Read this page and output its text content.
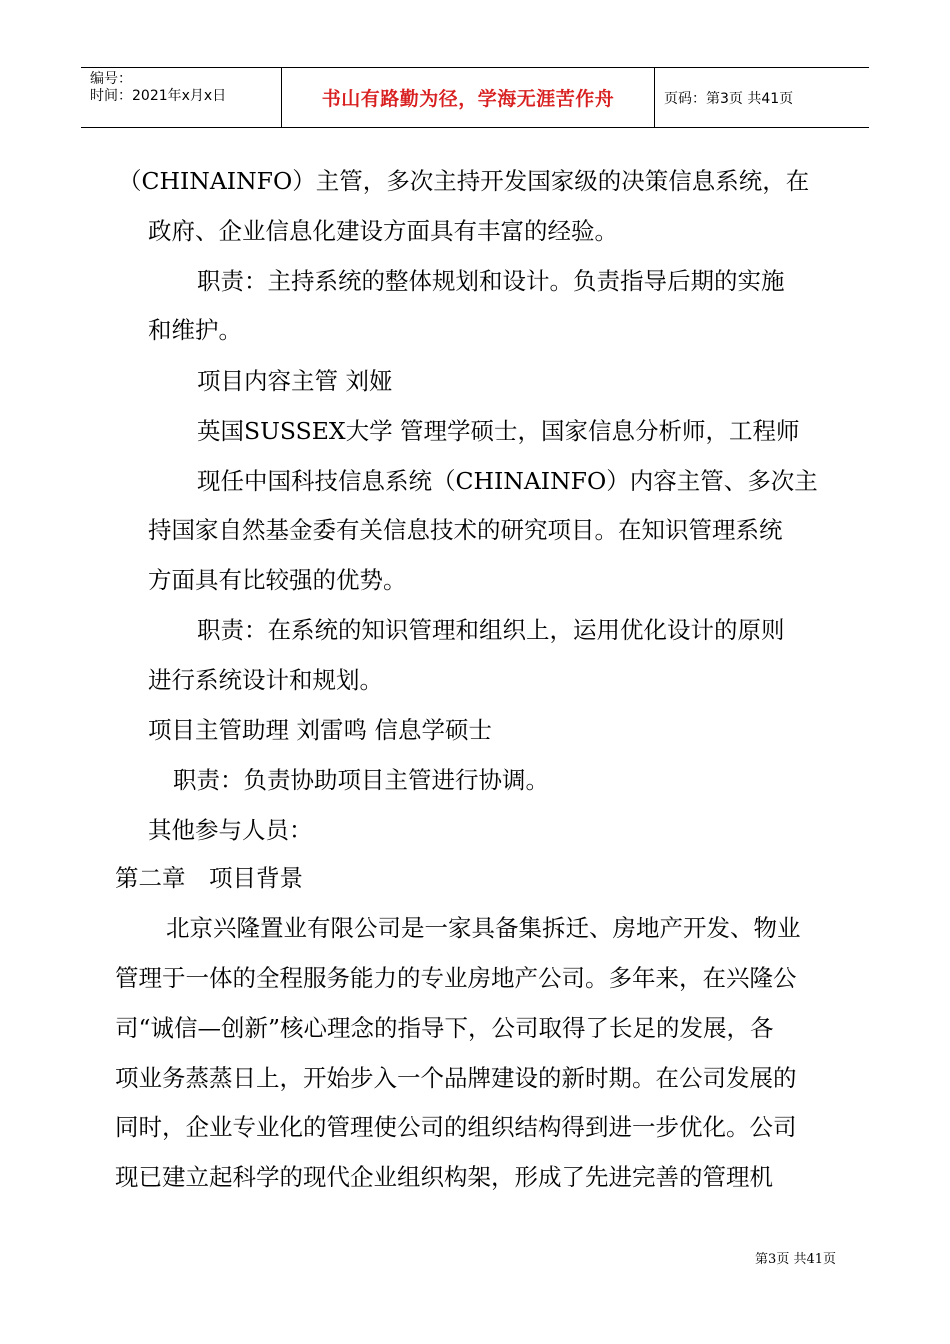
编号：
时间：2021年x月x日	书山有路勤为径，学海无涯苦作舟	页码：第3页 共41页
（CHINAINFO）主管，多次主持开发国家级的决策信息系统，在
政府、企业信息化建设方面具有丰富的经验。
职责：主持系统的整体规划和设计。负责指导后期的实施
和维护。
项目内容主管 刘娅
英国SUSSEX大学 管理学硕士，国家信息分析师，工程师
现任中国科技信息系统（CHINAINFO）内容主管、多次主
持国家自然基金委有关信息技术的研究项目。在知识管理系统
方面具有比较强的优势。
职责：在系统的知识管理和组织上，运用优化设计的原则
进行系统设计和规划。
项目主管助理 刘雷鸣 信息学硕士
职责：负责协助项目主管进行协调。
其他参与人员：
第二章　项目背景
北京兴隆置业有限公司是一家具备集拆迁、房地产开发、物业
管理于一体的全程服务能力的专业房地产公司。多年来，在兴隆公
司“诚信—创新”核心理念的指导下，公司取得了长足的发展，各
项业务蒸蒸日上，开始步入一个品牌建设的新时期。在公司发展的
同时，企业专业化的管理使公司的组织结构得到进一步优化。公司
现已建立起科学的现代企业组织构架，形成了先进完善的管理机
第3页 共41页
